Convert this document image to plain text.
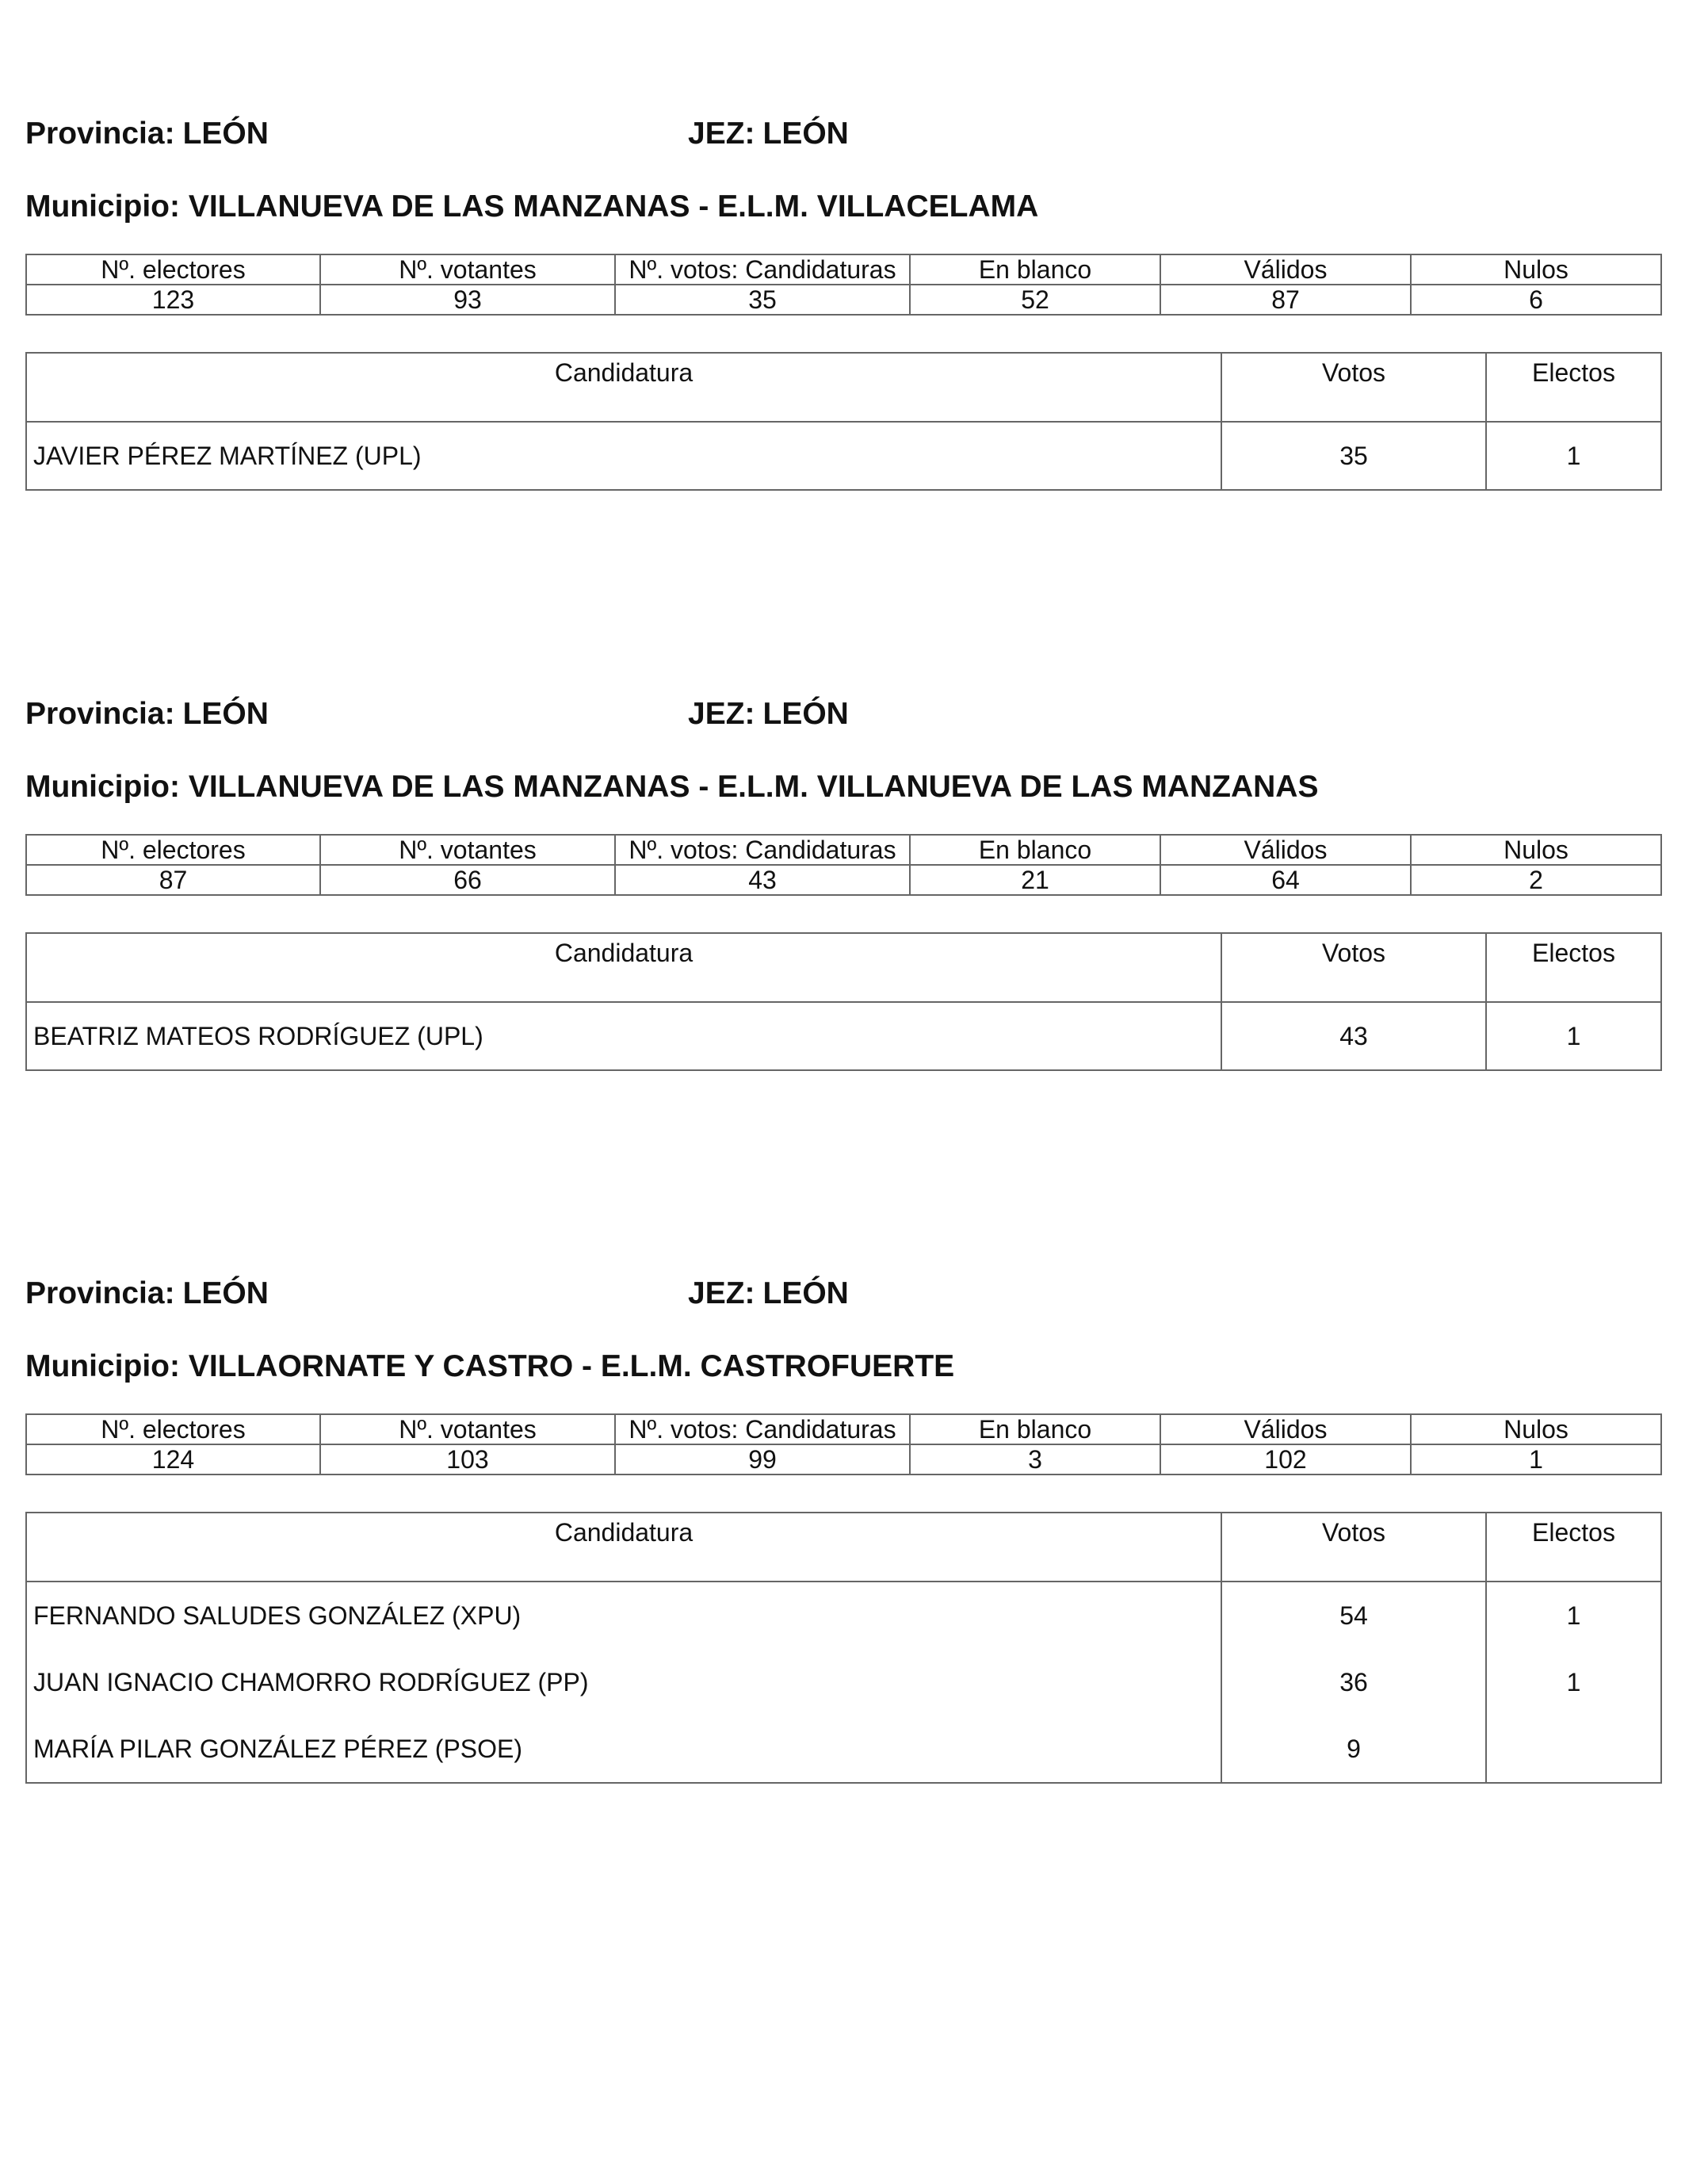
Provincia: LEÓN	JEZ: LEÓN
Municipio: VILLANUEVA DE LAS MANZANAS - E.L.M. VILLACELAMA
Nº. electores	Nº. votantes	Nº. votos: Candidaturas	En blanco	Válidos	Nulos
123	93	35	52	87	6
Candidatura	Votos	Electos
JAVIER PÉREZ MARTÍNEZ (UPL)	35	1
Provincia: LEÓN	JEZ: LEÓN
Municipio: VILLANUEVA DE LAS MANZANAS - E.L.M. VILLANUEVA DE LAS MANZANAS
Nº. electores	Nº. votantes	Nº. votos: Candidaturas	En blanco	Válidos	Nulos
87	66	43	21	64	2
Candidatura	Votos	Electos
BEATRIZ MATEOS RODRÍGUEZ (UPL)	43	1
Provincia: LEÓN	JEZ: LEÓN
Municipio: VILLAORNATE Y CASTRO - E.L.M. CASTROFUERTE
Nº. electores	Nº. votantes	Nº. votos: Candidaturas	En blanco	Válidos	Nulos
124	103	99	3	102	1
Candidatura	Votos	Electos
FERNANDO SALUDES GONZÁLEZ (XPU)	54	1
JUAN IGNACIO CHAMORRO RODRÍGUEZ (PP)	36	1
MARÍA PILAR GONZÁLEZ PÉREZ (PSOE)	9	
